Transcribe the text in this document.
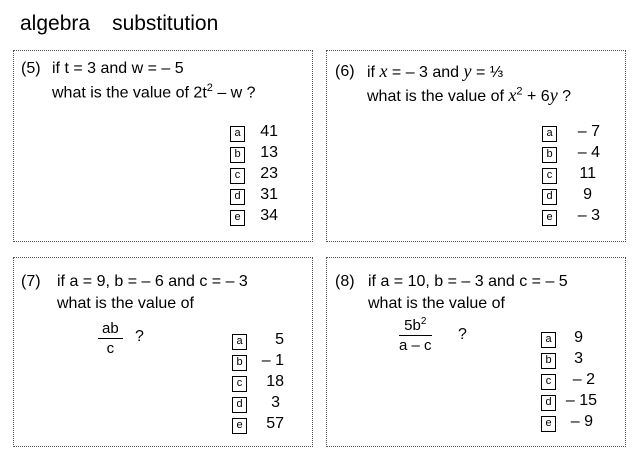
algebra substitution
(5) if t = 3 and w = – 5
what is the value of $2t^2$ – w ?
a	41
b	13
c	23
d	31
e	34
(6) if x = – 3 and y = ⅓
what is the value of $x^2 + 6y$ ?
a	– 7
b	– 4
c	11
d	9
e	– 3
(7) if a = 9, b = – 6 and c = – 3
what is the value of
$\frac{ab}{c}$ ?	a	5
b	– 1
c	18
d	3
e	57
(8) if a = 10, b = – 3 and c = – 5
what is the value of
$\frac{5b^2}{a - c}$ ?	a	9
b	3
c	– 2
d – 15
e	– 9
